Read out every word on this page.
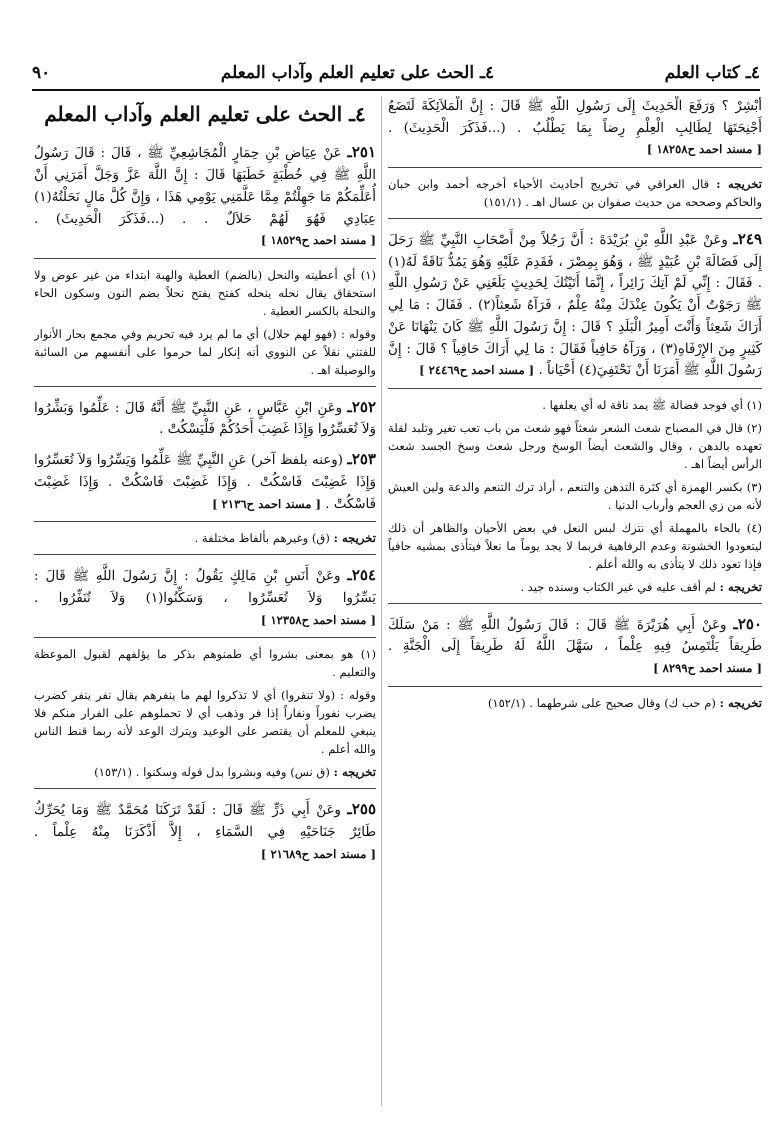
٤ـ كتاب العلم
٤ـ الحث على تعليم العلم وآداب المعلم
٩٠

أَبْشِرْ ؟ وَرَفَعَ الْحَدِيثَ إِلَى رَسُولِ اللَّهِ ﷺ قَالَ : إِنَّ الْمَلاَئِكَةَ لَتَضَعُ أَجْنِحَتَهَا لِطَالِبِ الْعِلْمِ رِضاً بِمَا يَطْلُبُ . (...فَذَكَرَ الْحَدِيثَ) . [ مسند احمد ح١٨٢٥٨ ]

تخريجه : قال العراقي في تخريج أحاديث الأحياء أخرجه أحمد وابن حبان والحاكم وصححه من حديث صفوان بن عسال اهـ . (١٥١/١)

٢٤٩ـ وعَنْ عَبْدِ اللَّهِ بْنِ بُرَيْدَةَ : أَنَّ رَجُلاً مِنْ أَصْحَابِ النَّبِيِّ ﷺ رَحَلَ إِلَى فَضَالَةَ بْنِ عُبَيْدٍ ﷺ ، وَهُوَ بِمِصْرَ ، فَقَدِمَ عَلَيْهِ وَهُوَ يَمُدُّ نَاقَةً لَهُ(١) . فَقَالَ : إِنِّي لَمْ آتِكَ زَائِراً ، إِنَّمَا أَتَيْتُكَ لِحَدِيثٍ بَلَغَنِي عَنْ رَسُولِ اللَّهِ ﷺ رَجَوْتُ أَنْ يَكُونَ عِنْدَكَ مِنْهُ عِلْمٌ ، فَرَآهُ شَعِثاً(٢) . فَقَالَ : مَا لِي أَرَاكَ شَعِثاً وَأَنْتَ أَمِيرُ الْبَلَدِ ؟ قَالَ : إِنَّ رَسُولَ اللَّهِ ﷺ كَانَ يَنْهَانَا عَنْ كَثِيرٍ مِنَ الإِرْفَاهِ(٣) ، وَرَآهُ حَافِياً فَقَالَ : مَا لِي أَرَاكَ حَافِياً ؟ قَالَ : إِنَّ رَسُولَ اللَّهِ ﷺ أَمَرَنَا أَنْ نَحْتَفِيَ(٤) أَحْيَاناً . [ مسند احمد ح٢٤٤٦٩ ]

(١) أي فوجد فضالة ﷺ يمد ناقة له أي يعلفها .

(٢) قال في المصباح شعث الشعر شعثاً فهو شعث من باب تعب تغير وتلبد لقلة تعهده بالدهن ، وقال والشعث أيضاً الوسخ ورجل شعث وسخ الجسد شعث الرأس أيضاً اهـ .

(٣) بكسر الهمزة أي كثرة التدهن والتنعم ، أراد ترك التنعم والدعة ولين العيش لأنه من زي العجم وأرباب الدنيا .

(٤) بالحاء بالمهملة أي نترك لبس النعل في بعض الأحيان والظاهر أن ذلك ليتعودوا الخشونة وعدم الرفاهية فربما لا يجد يوماً ما نعلاً فيتأذى بمشيه حافياً فإذا تعود ذلك لا يتأذى به والله أعلم .

تخريجه : لم أقف عليه في غير الكتاب وسنده جيد .

٢٥٠ـ وعَنْ أَبِي هُرَيْرَةَ ﷺ قَالَ : قَالَ رَسُولُ اللَّهِ ﷺ : مَنْ سَلَكَ طَرِيقاً يَلْتَمِسُ فِيهِ عِلْماً ، سَهَّلَ اللَّهُ لَهُ طَرِيقاً إِلَى الْجَنَّةِ . [ مسند احمد ح٨٢٩٩ ]

تخريجه : (م حب ك) وقال صحيح على شرطهما . (١٥٢/١)

٤ـ الحث على تعليم العلم وآداب المعلم

٢٥١ـ عَنْ عِيَاضِ بْنِ حِمَارٍ الْمُجَاشِعِيِّ ﷺ ، قَالَ : قَالَ رَسُولُ اللَّهِ ﷺ فِي خُطْبَةٍ خَطَبَهَا قَالَ : إِنَّ اللَّهَ عَزَّ وَجَلَّ أَمَرَنِي أَنْ أُعَلِّمَكُمْ مَا جَهِلْتُمْ مِمَّا عَلَّمَنِي يَوْمِي هَذَا ، وَإِنَّ كُلَّ مَالٍ نَحَلْتُهُ(١) عِبَادِي فَهُوَ لَهُمْ حَلاَلٌ . . (...فَذَكَرَ الْحَدِيثَ) . [ مسند احمد ح١٨٥٢٩ ]

(١) أي أعطيته والنحل (بالضم) العطية والهبة ابتداء من غير عوض ولا استحقاق يقال نحله ينحله كفتح يفتح نحلاً بضم النون وسكون الحاء والنحلة بالكسر العطية .

وقوله : (فهو لهم حلال) أي ما لم يرد فيه تحريم وفي مجمع بحار الأنوار للفتني نقلاً عن النووي أنه إنكار لما حرموا على أنفسهم من السائبة والوصيلة اهـ .

٢٥٢ـ وعَنِ ابْنِ عَبَّاسٍ ، عَنِ النَّبِيِّ ﷺ أَنَّهُ قَالَ : عَلِّمُوا وَبَشِّرُوا وَلاَ تُعَسِّرُوا وَإِذَا غَضِبَ أَحَدُكُمْ فَلْيَسْكُتْ .

٢٥٣ـ (وعنه بلفظ آخر) عَنِ النَّبِيِّ ﷺ عَلِّمُوا وَيَسِّرُوا وَلاَ تُعَسِّرُوا وَإِذَا غَضِبْتَ فَاسْكُتْ . وَإِذَا غَضِبْتَ فَاسْكُتْ . وَإِذَا غَضِبْتَ فَاسْكُتْ . [ مسند احمد ح٢١٣٦ ]

تخريجه : (ق) وغيرهم بألفاظ مختلفة .

٢٥٤ـ وعَنْ أَنَسِ بْنِ مَالِكٍ يَقُولُ : إِنَّ رَسُولَ اللَّهِ ﷺ قَالَ : يَسِّرُوا وَلاَ تُعَسِّرُوا ، وَسَكِّنُوا(١) وَلاَ تُنَفِّرُوا . [ مسند احمد ح١٢٣٥٨ ]

(١) هو بمعنى بشروا أي طمنوهم بذكر ما يؤلفهم لقبول الموعظة والتعليم .

وقوله : (ولا تنفروا) أي لا تذكروا لهم ما ينفرهم يقال نفر ينفر كضرب يضرب نفوراً ونفاراً إذا فر وذهب أي لا تحملوهم على الفرار منكم فلا ينبغي للمعلم أن يقتصر على الوعيد ويترك الوعد لأنه ربما قنط الناس والله أعلم .

تخريجه : (ق نس) وفيه وبشروا بدل قوله وسكنوا . (١٥٣/١)

٢٥٥ـ وعَنْ أَبِي ذَرٍّ ﷺ قَالَ : لَقَدْ تَرَكَنَا مُحَمَّدٌ ﷺ وَمَا يُحَرِّكُ طَائِرٌ جَنَاحَيْهِ فِي السَّمَاءِ ، إِلاَّ أَذْكَرَنَا مِنْهُ عِلْماً . [ مسند احمد ح٢١٦٨٩ ]
